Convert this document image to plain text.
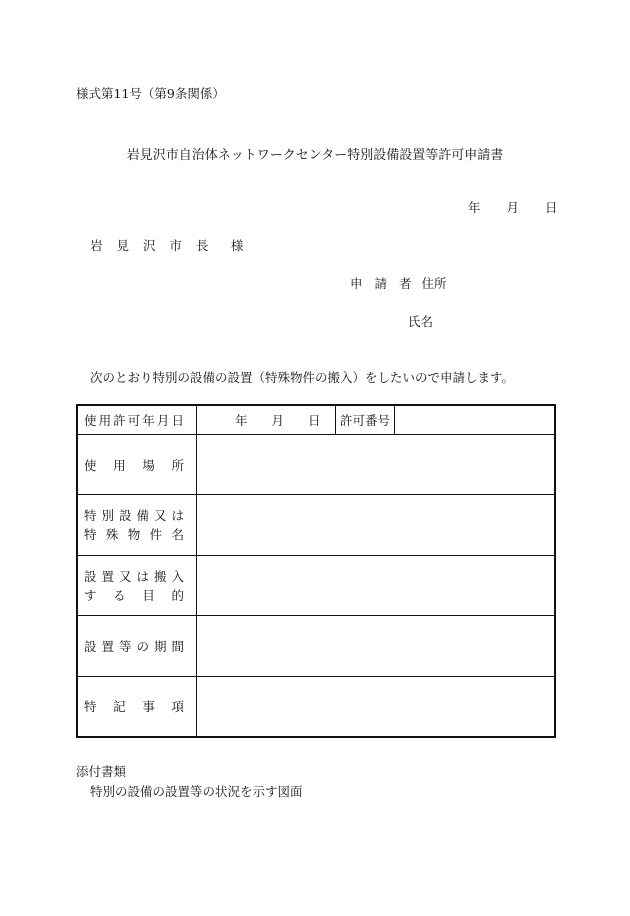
様式第11号（第9条関係）
岩見沢市自治体ネットワークセンター特別設備設置等許可申請書
年 月 日
岩 見 沢 市 長　様
申 請 者 住所
氏名
次のとおり特別の設備の設置（特殊物件の搬入）をしたいので申請します。
使用許可年月日	年 月 日	許可番号	

使用場所			

特別設備又は
特殊物件名			

設置又は搬入
する目的			

設置等の期間			

特記事項			

添付書類
特別の設備の設置等の状況を示す図面
